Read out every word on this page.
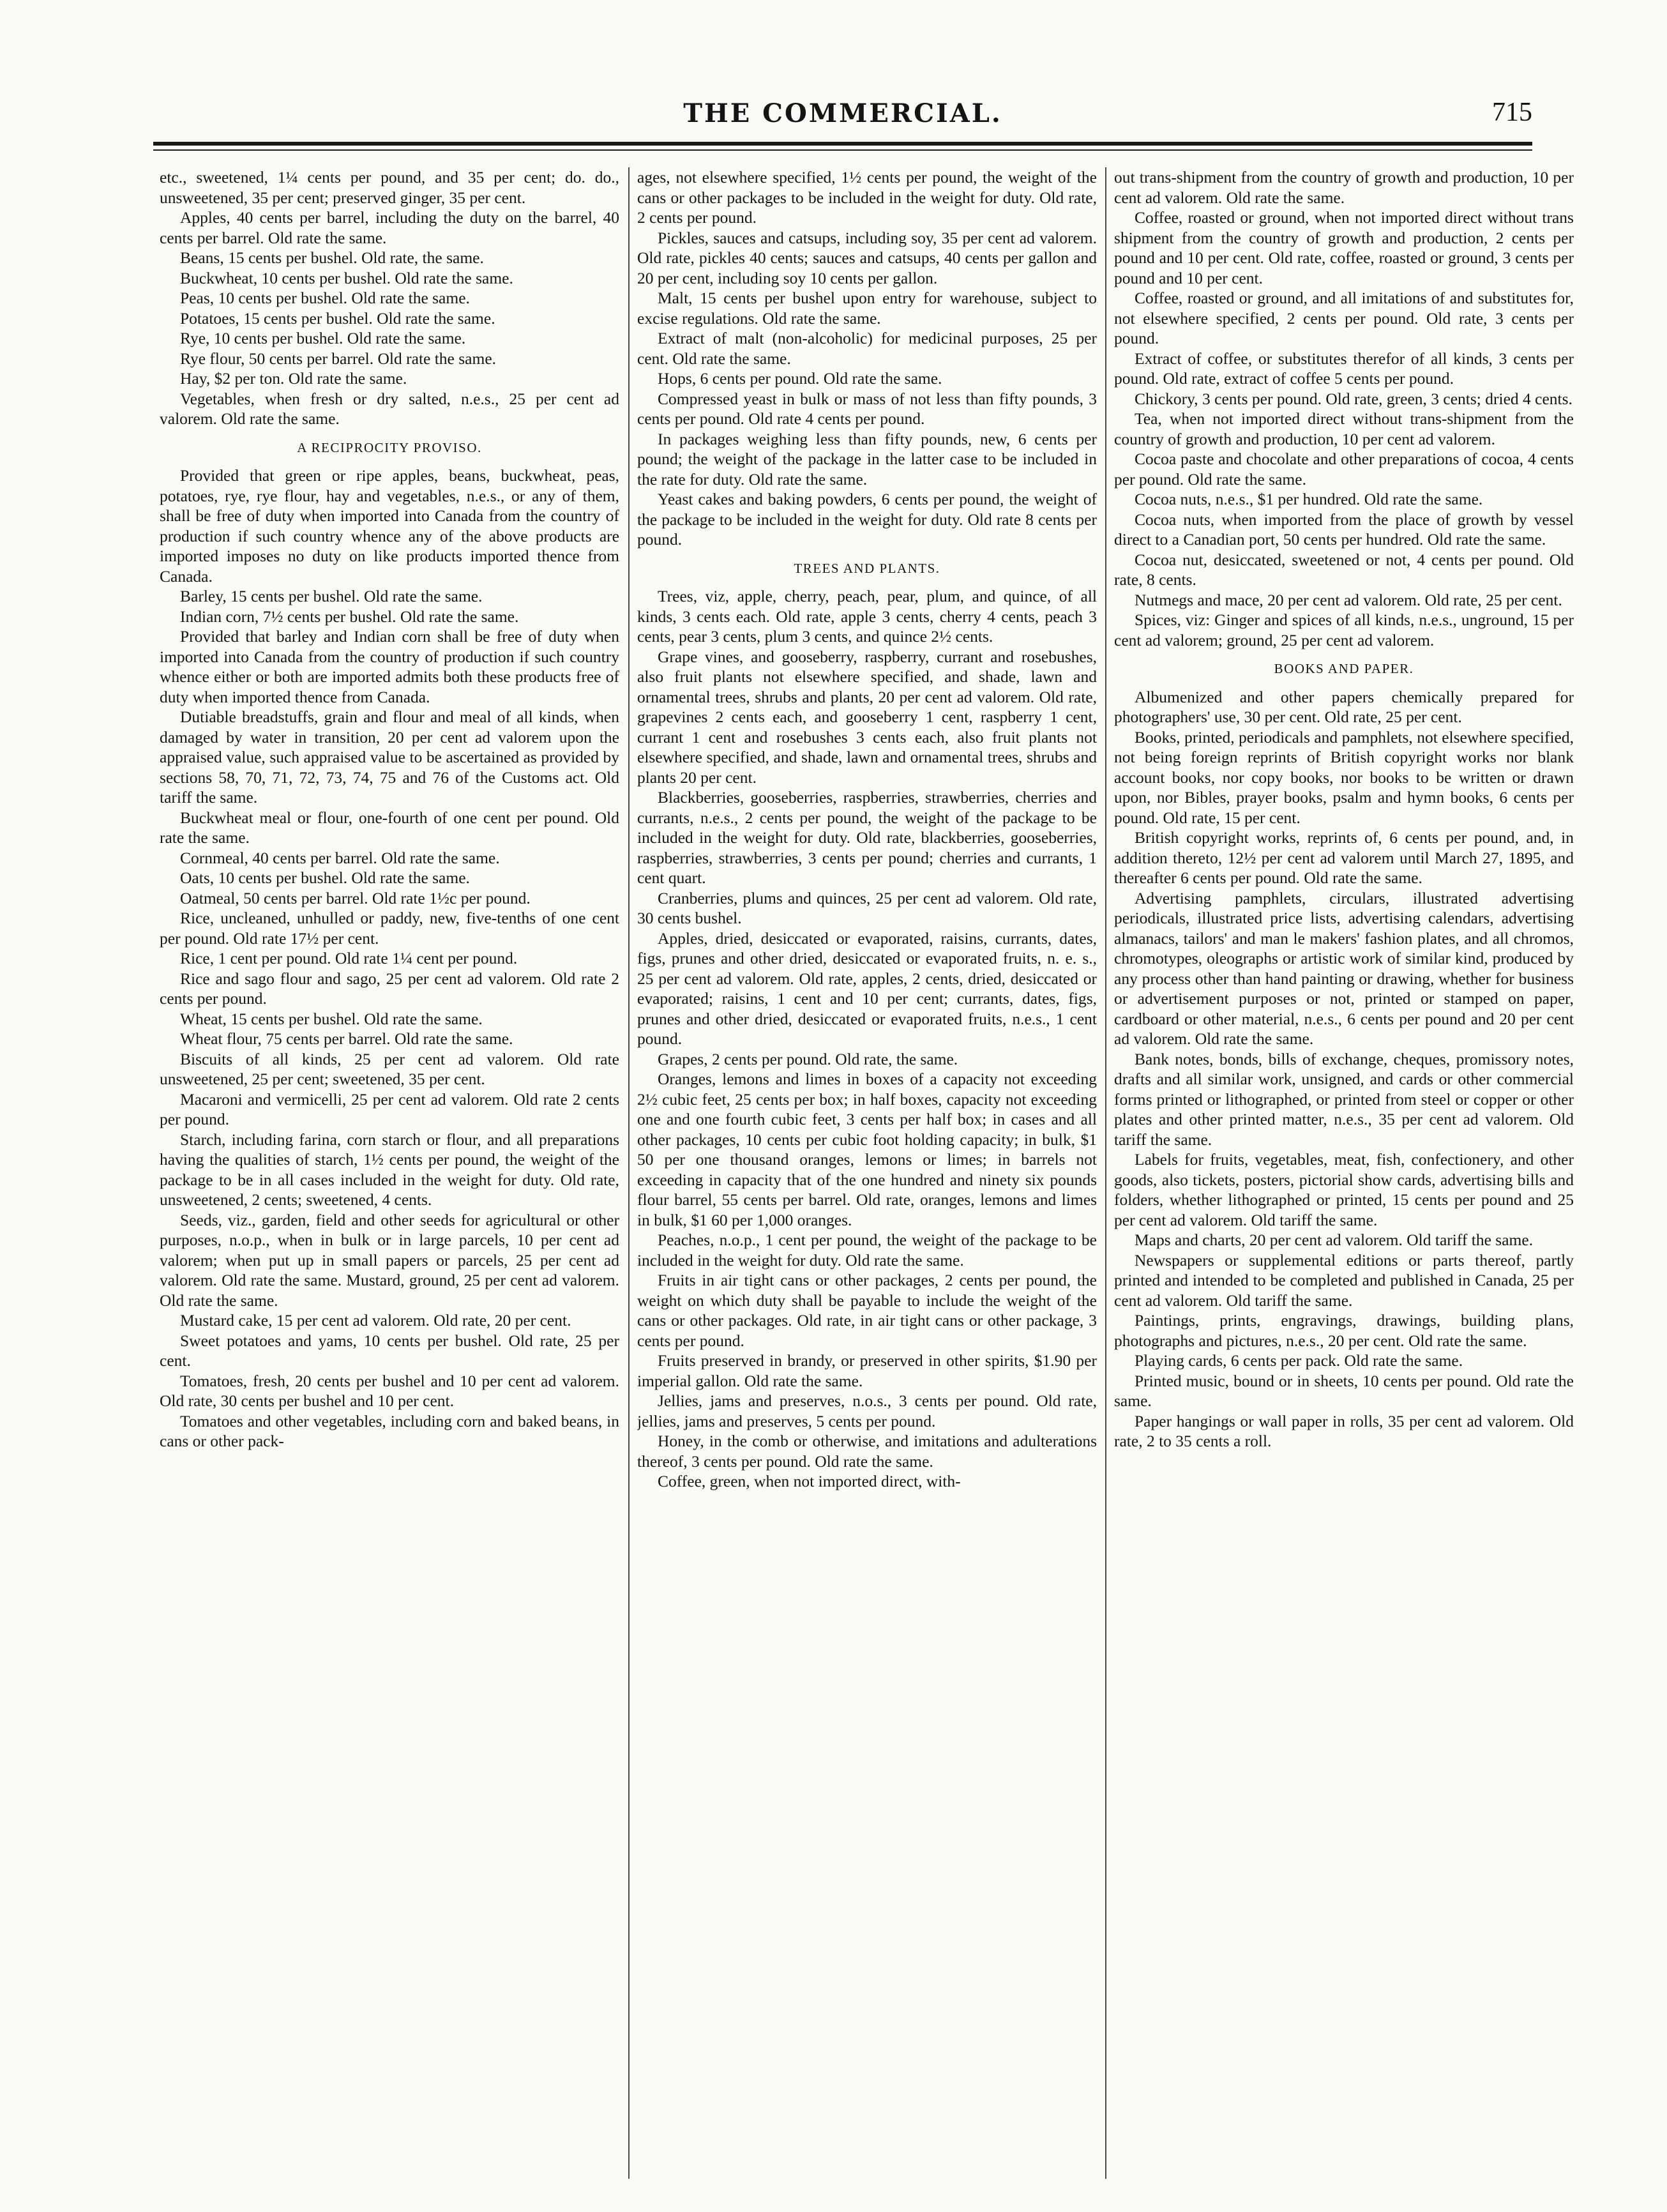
THE COMMERCIAL.	715

etc., sweetened, 1¼ cents per pound, and 35 per cent; do. do., unsweetened, 35 per cent; preserved ginger, 35 per cent.

Apples, 40 cents per barrel, including the duty on the barrel, 40 cents per barrel. Old rate the same.

Beans, 15 cents per bushel. Old rate, the same.

Buckwheat, 10 cents per bushel. Old rate the same.

Peas, 10 cents per bushel. Old rate the same.

Potatoes, 15 cents per bushel. Old rate the same.

Rye, 10 cents per bushel. Old rate the same.

Rye flour, 50 cents per barrel. Old rate the same.

Hay, $2 per ton. Old rate the same.

Vegetables, when fresh or dry salted, n.e.s., 25 per cent ad valorem. Old rate the same.

A RECIPROCITY PROVISO.

Provided that green or ripe apples, beans, buckwheat, peas, potatoes, rye, rye flour, hay and vegetables, n.e.s., or any of them, shall be free of duty when imported into Canada from the country of production if such country whence any of the above products are imported imposes no duty on like products imported thence from Canada.

Barley, 15 cents per bushel. Old rate the same.

Indian corn, 7½ cents per bushel. Old rate the same.

Provided that barley and Indian corn shall be free of duty when imported into Canada from the country of production if such country whence either or both are imported admits both these products free of duty when imported thence from Canada.

Dutiable breadstuffs, grain and flour and meal of all kinds, when damaged by water in transition, 20 per cent ad valorem upon the appraised value, such appraised value to be ascertained as provided by sections 58, 70, 71, 72, 73, 74, 75 and 76 of the Customs act. Old tariff the same.

Buckwheat meal or flour, one-fourth of one cent per pound. Old rate the same.

Cornmeal, 40 cents per barrel. Old rate the same.

Oats, 10 cents per bushel. Old rate the same.

Oatmeal, 50 cents per barrel. Old rate 1½c per pound.

Rice, uncleaned, unhulled or paddy, new, five-tenths of one cent per pound. Old rate 17½ per cent.

Rice, 1 cent per pound. Old rate 1¼ cent per pound.

Rice and sago flour and sago, 25 per cent ad valorem. Old rate 2 cents per pound.

Wheat, 15 cents per bushel. Old rate the same.

Wheat flour, 75 cents per barrel. Old rate the same.

Biscuits of all kinds, 25 per cent ad valorem. Old rate unsweetened, 25 per cent; sweetened, 35 per cent.

Macaroni and vermicelli, 25 per cent ad valorem. Old rate 2 cents per pound.

Starch, including farina, corn starch or flour, and all preparations having the qualities of starch, 1½ cents per pound, the weight of the package to be in all cases included in the weight for duty. Old rate, unsweetened, 2 cents; sweetened, 4 cents.

Seeds, viz., garden, field and other seeds for agricultural or other purposes, n.o.p., when in bulk or in large parcels, 10 per cent ad valorem; when put up in small papers or parcels, 25 per cent ad valorem. Old rate the same. Mustard, ground, 25 per cent ad valorem. Old rate the same.

Mustard cake, 15 per cent ad valorem. Old rate, 20 per cent.

Sweet potatoes and yams, 10 cents per bushel. Old rate, 25 per cent.

Tomatoes, fresh, 20 cents per bushel and 10 per cent ad valorem. Old rate, 30 cents per bushel and 10 per cent.

Tomatoes and other vegetables, including corn and baked beans, in cans or other pack-

ages, not elsewhere specified, 1½ cents per pound, the weight of the cans or other packages to be included in the weight for duty. Old rate, 2 cents per pound.

Pickles, sauces and catsups, including soy, 35 per cent ad valorem. Old rate, pickles 40 cents; sauces and catsups, 40 cents per gallon and 20 per cent, including soy 10 cents per gallon.

Malt, 15 cents per bushel upon entry for warehouse, subject to excise regulations. Old rate the same.

Extract of malt (non-alcoholic) for medicinal purposes, 25 per cent. Old rate the same.

Hops, 6 cents per pound. Old rate the same.

Compressed yeast in bulk or mass of not less than fifty pounds, 3 cents per pound. Old rate 4 cents per pound.

In packages weighing less than fifty pounds, new, 6 cents per pound; the weight of the package in the latter case to be included in the rate for duty. Old rate the same.

Yeast cakes and baking powders, 6 cents per pound, the weight of the package to be included in the weight for duty. Old rate 8 cents per pound.

TREES AND PLANTS.

Trees, viz, apple, cherry, peach, pear, plum, and quince, of all kinds, 3 cents each. Old rate, apple 3 cents, cherry 4 cents, peach 3 cents, pear 3 cents, plum 3 cents, and quince 2½ cents.

Grape vines, and gooseberry, raspberry, currant and rosebushes, also fruit plants not elsewhere specified, and shade, lawn and ornamental trees, shrubs and plants, 20 per cent ad valorem. Old rate, grapevines 2 cents each, and gooseberry 1 cent, raspberry 1 cent, currant 1 cent and rosebushes 3 cents each, also fruit plants not elsewhere specified, and shade, lawn and ornamental trees, shrubs and plants 20 per cent.

Blackberries, gooseberries, raspberries, strawberries, cherries and currants, n.e.s., 2 cents per pound, the weight of the package to be included in the weight for duty. Old rate, blackberries, gooseberries, raspberries, strawberries, 3 cents per pound; cherries and currants, 1 cent quart.

Cranberries, plums and quinces, 25 per cent ad valorem. Old rate, 30 cents bushel.

Apples, dried, desiccated or evaporated, raisins, currants, dates, figs, prunes and other dried, desiccated or evaporated fruits, n. e. s., 25 per cent ad valorem. Old rate, apples, 2 cents, dried, desiccated or evaporated; raisins, 1 cent and 10 per cent; currants, dates, figs, prunes and other dried, desiccated or evaporated fruits, n.e.s., 1 cent pound.

Grapes, 2 cents per pound. Old rate, the same.

Oranges, lemons and limes in boxes of a capacity not exceeding 2½ cubic feet, 25 cents per box; in half boxes, capacity not exceeding one and one fourth cubic feet, 3 cents per half box; in cases and all other packages, 10 cents per cubic foot holding capacity; in bulk, $1 50 per one thousand oranges, lemons or limes; in barrels not exceeding in capacity that of the one hundred and ninety six pounds flour barrel, 55 cents per barrel. Old rate, oranges, lemons and limes in bulk, $1 60 per 1,000 oranges.

Peaches, n.o.p., 1 cent per pound, the weight of the package to be included in the weight for duty. Old rate the same.

Fruits in air tight cans or other packages, 2 cents per pound, the weight on which duty shall be payable to include the weight of the cans or other packages. Old rate, in air tight cans or other package, 3 cents per pound.

Fruits preserved in brandy, or preserved in other spirits, $1.90 per imperial gallon. Old rate the same.

Jellies, jams and preserves, n.o.s., 3 cents per pound. Old rate, jellies, jams and preserves, 5 cents per pound.

Honey, in the comb or otherwise, and imitations and adulterations thereof, 3 cents per pound. Old rate the same.

Coffee, green, when not imported direct, with-

out trans-shipment from the country of growth and production, 10 per cent ad valorem. Old rate the same.

Coffee, roasted or ground, when not imported direct without trans shipment from the country of growth and production, 2 cents per pound and 10 per cent. Old rate, coffee, roasted or ground, 3 cents per pound and 10 per cent.

Coffee, roasted or ground, and all imitations of and substitutes for, not elsewhere specified, 2 cents per pound. Old rate, 3 cents per pound.

Extract of coffee, or substitutes therefor of all kinds, 3 cents per pound. Old rate, extract of coffee 5 cents per pound.

Chickory, 3 cents per pound. Old rate, green, 3 cents; dried 4 cents.

Tea, when not imported direct without trans-shipment from the country of growth and production, 10 per cent ad valorem.

Cocoa paste and chocolate and other preparations of cocoa, 4 cents per pound. Old rate the same.

Cocoa nuts, n.e.s., $1 per hundred. Old rate the same.

Cocoa nuts, when imported from the place of growth by vessel direct to a Canadian port, 50 cents per hundred. Old rate the same.

Cocoa nut, desiccated, sweetened or not, 4 cents per pound. Old rate, 8 cents.

Nutmegs and mace, 20 per cent ad valorem. Old rate, 25 per cent.

Spices, viz: Ginger and spices of all kinds, n.e.s., unground, 15 per cent ad valorem; ground, 25 per cent ad valorem.

BOOKS AND PAPER.

Albumenized and other papers chemically prepared for photographers' use, 30 per cent. Old rate, 25 per cent.

Books, printed, periodicals and pamphlets, not elsewhere specified, not being foreign reprints of British copyright works nor blank account books, nor copy books, nor books to be written or drawn upon, nor Bibles, prayer books, psalm and hymn books, 6 cents per pound. Old rate, 15 per cent.

British copyright works, reprints of, 6 cents per pound, and, in addition thereto, 12½ per cent ad valorem until March 27, 1895, and thereafter 6 cents per pound. Old rate the same.

Advertising pamphlets, circulars, illustrated advertising periodicals, illustrated price lists, advertising calendars, advertising almanacs, tailors' and man le makers' fashion plates, and all chromos, chromotypes, oleographs or artistic work of similar kind, produced by any process other than hand painting or drawing, whether for business or advertisement purposes or not, printed or stamped on paper, cardboard or other material, n.e.s., 6 cents per pound and 20 per cent ad valorem. Old rate the same.

Bank notes, bonds, bills of exchange, cheques, promissory notes, drafts and all similar work, unsigned, and cards or other commercial forms printed or lithographed, or printed from steel or copper or other plates and other printed matter, n.e.s., 35 per cent ad valorem. Old tariff the same.

Labels for fruits, vegetables, meat, fish, confectionery, and other goods, also tickets, posters, pictorial show cards, advertising bills and folders, whether lithographed or printed, 15 cents per pound and 25 per cent ad valorem. Old tariff the same.

Maps and charts, 20 per cent ad valorem. Old tariff the same.

Newspapers or supplemental editions or parts thereof, partly printed and intended to be completed and published in Canada, 25 per cent ad valorem. Old tariff the same.

Paintings, prints, engravings, drawings, building plans, photographs and pictures, n.e.s., 20 per cent. Old rate the same.

Playing cards, 6 cents per pack. Old rate the same.

Printed music, bound or in sheets, 10 cents per pound. Old rate the same.

Paper hangings or wall paper in rolls, 35 per cent ad valorem. Old rate, 2 to 35 cents a roll.
